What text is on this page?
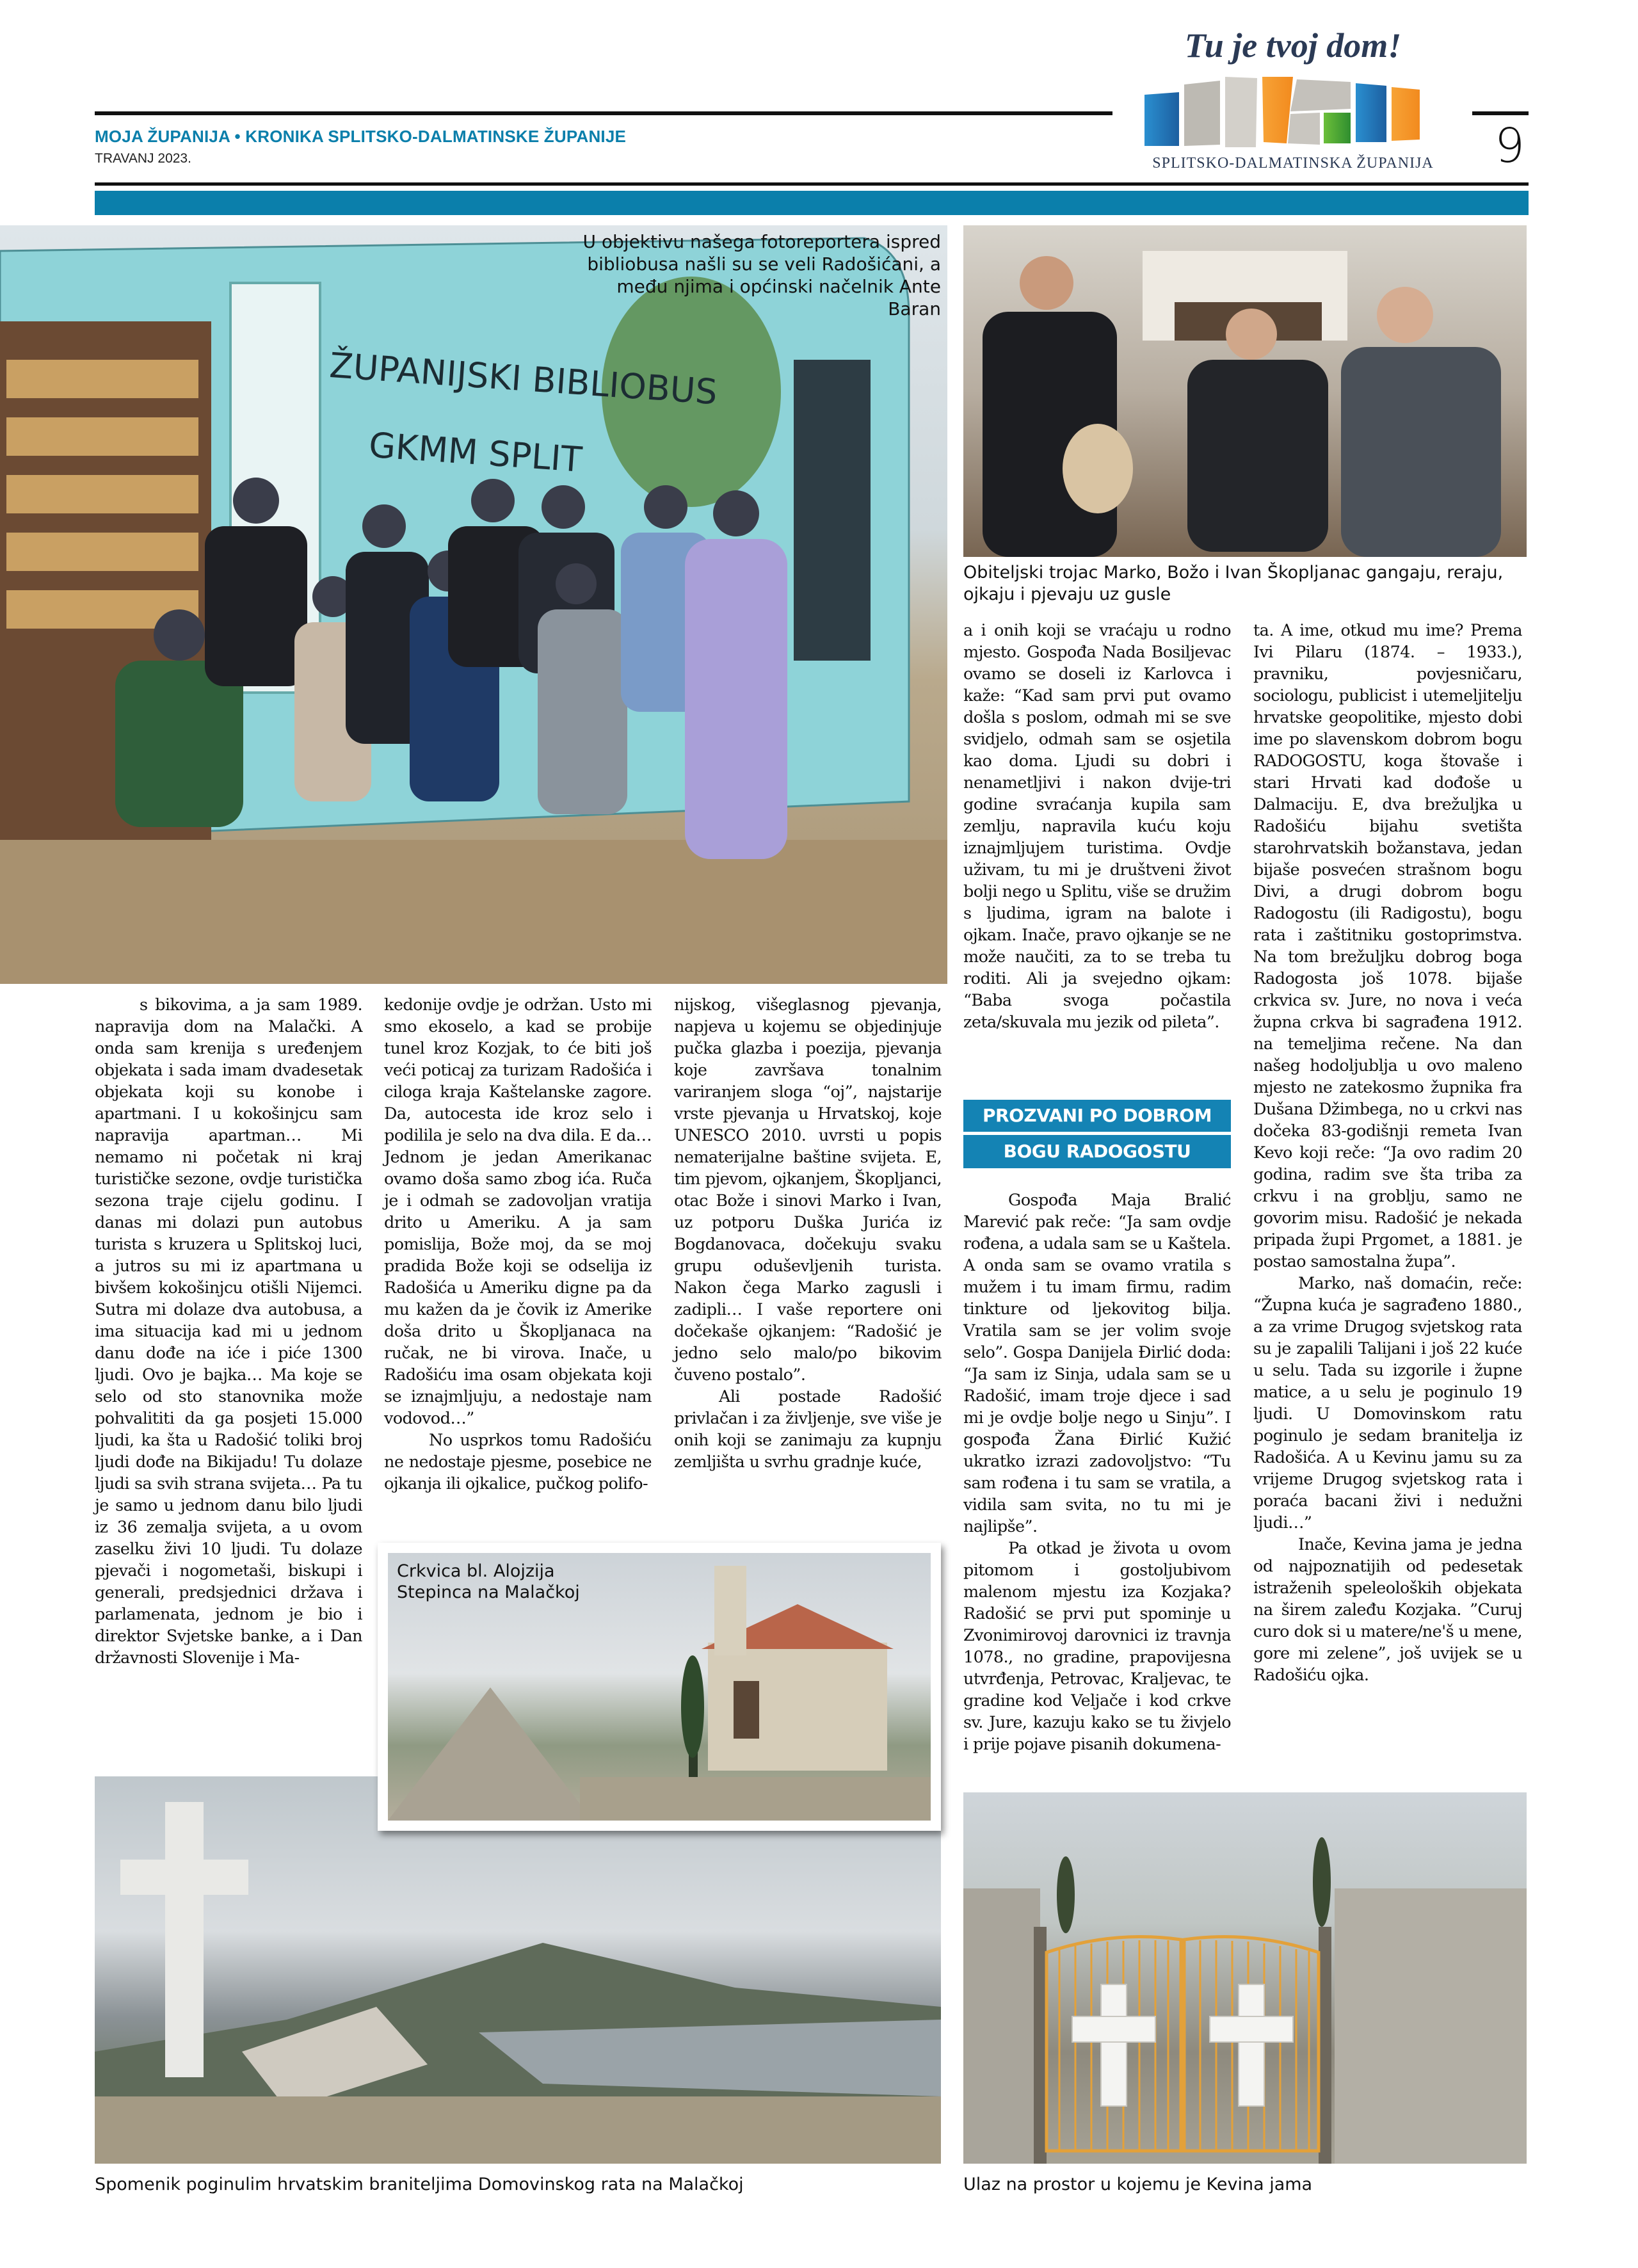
MOJA ŽUPANIJA • KRONIKA SPLITSKO-DALMATINSKE ŽUPANIJE
TRAVANJ 2023.	9
Tu je tvoj dom!
SPLITSKO-DALMATINSKA ŽUPANIJA
ŽUPANIJSKI BIBLIOBUS
GKMM SPLIT
U objektivu našega fotoreportera ispred bibliobusa našli su se veli Radošićani, a među njima i općinski načelnik Ante Baran
Obiteljski trojac Marko, Božo i Ivan Škopljanac gangaju, reraju, ojkaju i pjevaju uz gusle

s bikovima, a ja sam 1989. napravija dom na Malački. A onda sam krenija s uređenjem objekata i sada imam dvadesetak objekata koji su konobe i apartmani. I u kokošinjcu sam napravija apartman… Mi nemamo ni početak ni kraj turističke sezone, ovdje turistička sezona traje cijelu godinu. I danas mi dolazi pun autobus turista s kruzera u Splitskoj luci, a jutros su mi iz apartmana u bivšem kokošinjcu otišli Nijemci. Sutra mi dolaze dva autobusa, a ima situacija kad mi u jednom danu dođe na iće i piće 1300 ljudi. Ovo je bajka… Ma koje se selo od sto stanovnika može pohvalititi da ga posjeti 15.000 ljudi, ka šta u Radošić toliki broj ljudi dođe na Bikijadu! Tu dolaze ljudi sa svih strana svijeta… Pa tu je samo u jednom danu bilo ljudi iz 36 zemalja svijeta, a u ovom zaselku živi 10 ljudi. Tu dolaze pjevači i nogometaši, biskupi i generali, predsjednici država i parlamenata, jednom je bio i direktor Svjetske banke, a i Dan državnosti Slovenije i Ma-

kedonije ovdje je održan. Usto mi smo ekoselo, a kad se probije tunel kroz Kozjak, to će biti još veći poticaj za turizam Radošića i ciloga kraja Kaštelanske zagore. Da, autocesta ide kroz selo i podilila je selo na dva dila. E da… Jednom je jedan Amerikanac ovamo doša samo zbog ića. Ruča je i odmah se zadovoljan vratija drito u Ameriku. A ja sam pomislija, Bože moj, da se moj pradida Bože koji se odselija iz Radošića u Ameriku digne pa da mu kažen da je čovik iz Amerike doša drito u Škopljanaca na ručak, ne bi virova. Inače, u Radošiću ima osam objekata koji se iznajmljuju, a nedostaje nam vodovod…”

No usprkos tomu Radošiću ne nedostaje pjesme, posebice ne ojkanja ili ojkalice, pučkog polifo-

nijskog, višeglasnog pjevanja, napjeva u kojemu se objedinjuje pučka glazba i poezija, pjevanja koje završava tonalnim variranjem sloga “oj”, najstarije vrste pjevanja u Hrvatskoj, koje UNESCO 2010. uvrsti u popis nematerijalne baštine svijeta. E, tim pjevom, ojkanjem, Škopljanci, otac Bože i sinovi Marko i Ivan, uz potporu Duška Jurića iz Bogdanovaca, dočekuju svaku grupu oduševljenih turista. Nakon čega Marko zagusli i zadipli… I vaše reportere oni dočekaše ojkanjem: “Radošić je jedno selo malo/po bikovim čuveno postalo”.

Ali postade Radošić privlačan i za življenje, sve više je onih koji se zanimaju za kupnju zemljišta u svrhu gradnje kuće,

a i onih koji se vraćaju u rodno mjesto. Gospođa Nada Bosiljevac ovamo se doseli iz Karlovca i kaže: “Kad sam prvi put ovamo došla s poslom, odmah mi se sve svidjelo, odmah sam se osjetila kao doma. Ljudi su dobri i nenametljivi i nakon dvije-tri godine svraćanja kupila sam zemlju, napravila kuću koju iznajmljujem turistima. Ovdje uživam, tu mi je društveni život bolji nego u Splitu, više se družim s ljudima, igram na balote i ojkam. Inače, pravo ojkanje se ne može naučiti, za to se treba tu roditi. Ali ja svejedno ojkam: “Baba svoga počastila zeta/skuvala mu jezik od pileta”.

PROZVANI PO DOBROM
BOGU RADOGOSTU

Gospođa Maja Bralić Marević pak reče: “Ja sam ovdje rođena, a udala sam se u Kaštela. A onda sam se ovamo vratila s mužem i tu imam firmu, radim tinkture od ljekovitog bilja. Vratila sam se jer volim svoje selo”. Gospa Danijela Đirlić doda: “Ja sam iz Sinja, udala sam se u Radošić, imam troje djece i sad mi je ovdje bolje nego u Sinju”. I gospođa Žana Đirlić Kužić ukratko izrazi zadovoljstvo: “Tu sam rođena i tu sam se vratila, a vidila sam svita, no tu mi je najlipše”.

Pa otkad je života u ovom pitomom i gostoljubivom malenom mjestu iza Kozjaka? Radošić se prvi put spominje u Zvonimirovoj darovnici iz travnja 1078., no gradine, prapovijesna utvrđenja, Petrovac, Kraljevac, te gradine kod Veljače i kod crkve sv. Jure, kazuju kako se tu živjelo i prije pojave pisanih dokumena-

ta. A ime, otkud mu ime? Prema Ivi Pilaru (1874. – 1933.), pravniku, povjesničaru, sociologu, publicist i utemeljitelju hrvatske geopolitike, mjesto dobi ime po slavenskom dobrom bogu RADOGOSTU, koga štovaše i stari Hrvati kad dođoše u Dalmaciju. E, dva brežuljka u Radošiću bijahu svetišta starohrvatskih božanstava, jedan bijaše posvećen strašnom bogu Divi, a drugi dobrom bogu Radogostu (ili Radigostu), bogu rata i zaštitniku gostoprimstva. Na tom brežuljku dobrog boga Radogosta još 1078. bijaše crkvica sv. Jure, no nova i veća župna crkva bi sagrađena 1912. na temeljima rečene. Na dan našeg hodoljublja u ovo maleno mjesto ne zatekosmo župnika fra Dušana Džimbega, no u crkvi nas dočeka 83-godišnji remeta Ivan Kevo koji reče: “Ja ovo radim 20 godina, radim sve šta triba za crkvu i na groblju, samo ne govorim misu. Radošić je nekada pripada župi Prgomet, a 1881. je postao samostalna župa”.

Marko, naš domaćin, reče: “Župna kuća je sagrađeno 1880., a za vrime Drugog svjetskog rata su je zapalili Talijani i još 22 kuće u selu. Tada su izgorile i župne matice, a u selu je poginulo 19 ljudi. U Domovinskom ratu poginulo je sedam branitelja iz Radošića. A u Kevinu jamu su za vrijeme Drugog svjetskog rata i poraća bacani živi i nedužni ljudi…”

Inače, Kevina jama je jedna od najpoznatijih od pedesetak istraženih speleoloških objekata na širem zaleđu Kozjaka. ”Curuj curo dok si u matere/ne'š u mene, gore mi zelene”, još uvijek se u Radošiću ojka.

Crkvica bl. Alojzija Stepinca na Malačkoj
Spomenik poginulim hrvatskim braniteljima Domovinskog rata na Malačkoj	Ulaz na prostor u kojemu je Kevina jama
